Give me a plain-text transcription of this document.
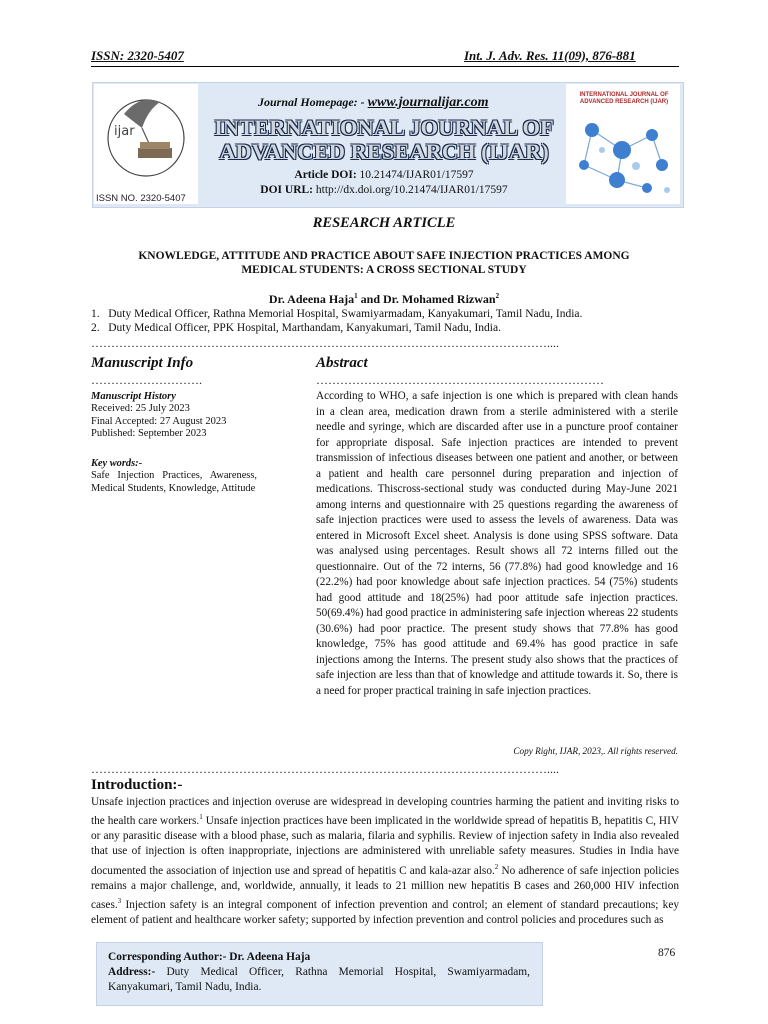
ISSN: 2320-5407	Int. J. Adv. Res. 11(09), 876-881
ijar
ISSN NO. 2320-5407
INTERNATIONAL JOURNAL OF ADVANCED RESEARCH (IJAR)
Journal Homepage: - www.journalijar.com
INTERNATIONAL JOURNAL OF
ADVANCED RESEARCH (IJAR)
Article DOI: 10.21474/IJAR01/17597
DOI URL: http://dx.doi.org/10.21474/IJAR01/17597
RESEARCH ARTICLE
KNOWLEDGE, ATTITUDE AND PRACTICE ABOUT SAFE INJECTION PRACTICES AMONG
MEDICAL STUDENTS: A CROSS SECTIONAL STUDY
Dr. Adeena Haja$^1$ and Dr. Mohamed Rizwan$^2$
1. Duty Medical Officer, Rathna Memorial Hospital, Swamiyarmadam, Kanyakumari, Tamil Nadu, India.
2. Duty Medical Officer, PPK Hospital, Marthandam, Kanyakumari, Tamil Nadu, India.
……………………………………………………………………………………………………....
Manuscript Info
……………………….
Manuscript History
Received: 25 July 2023
Final Accepted: 27 August 2023
Published: September 2023
Key words:-
Safe Injection Practices, Awareness, Medical Students, Knowledge, Attitude
Abstract
………………………………………………………………
According to WHO, a safe injection is one which is prepared with clean hands in a clean area, medication drawn from a sterile administered with a sterile needle and syringe, which are discarded after use in a puncture proof container for appropriate disposal. Safe injection practices are intended to prevent transmission of infectious diseases between one patient and another, or between a patient and health care personnel during preparation and injection of medications. Thiscross-sectional study was conducted during May-June 2021 among interns and questionnaire with 25 questions regarding the awareness of safe injection practices were used to assess the levels of awareness. Data was entered in Microsoft Excel sheet. Analysis is done using SPSS software. Data was analysed using percentages. Result shows all 72 interns filled out the questionnaire. Out of the 72 interns, 56 (77.8%) had good knowledge and 16 (22.2%) had poor knowledge about safe injection practices. 54 (75%) students had good attitude and 18(25%) had poor attitude safe injection practices. 50(69.4%) had good practice in administering safe injection whereas 22 students (30.6%) had poor practice. The present study shows that 77.8% has good knowledge, 75% has good attitude and 69.4% has good practice in safe injections among the Interns. The present study also shows that the practices of safe injection are less than that of knowledge and attitude towards it. So, there is a need for proper practical training in safe injection practices.
Copy Right, IJAR, 2023,. All rights reserved.
……………………………………………………………………………………………………....
Introduction:-
Unsafe injection practices and injection overuse are widespread in developing countries harming the patient and inviting risks to the health care workers.$^1$ Unsafe injection practices have been implicated in the worldwide spread of hepatitis B, hepatitis C, HIV or any parasitic disease with a blood phase, such as malaria, filaria and syphilis. Review of injection safety in India also revealed that use of injection is often inappropriate, injections are administered with unreliable safety measures. Studies in India have documented the association of injection use and spread of hepatitis C and kala-azar also.$^2$ No adherence of safe injection policies remains a major challenge, and, worldwide, annually, it leads to 21 million new hepatitis B cases and 260,000 HIV infection cases.$^3$ Injection safety is an integral component of infection prevention and control; an element of standard precautions; key element of patient and healthcare worker safety; supported by infection prevention and control policies and procedures such as
Corresponding Author:- Dr. Adeena Haja
Address:- Duty Medical Officer, Rathna Memorial Hospital, Swamiyarmadam, Kanyakumari, Tamil Nadu, India.
876
